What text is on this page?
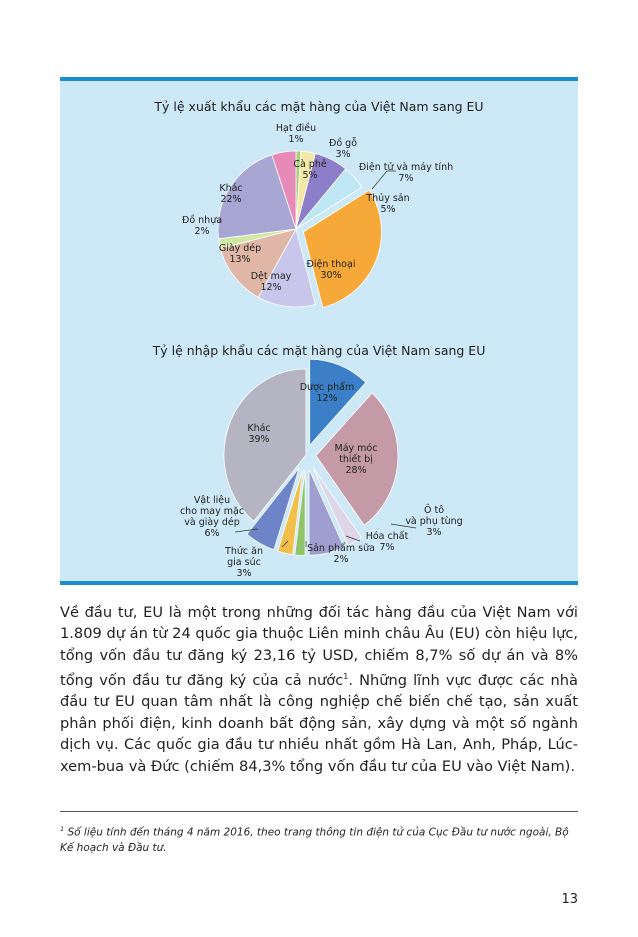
Tỷ lệ xuất khẩu các mặt hàng của Việt Nam sang EU
Hạt điều 1%	Đồ gỗ 3%
Điện tử và máy tính 7%
Thủy sản 5%
Điện thoại 30%
Dệt may 12%
Giày dép 13%
Đồ nhựa 2%
Khác 22%
Cà phê 5%
Tỷ lệ nhập khẩu các mặt hàng của Việt Nam sang EU
Dược phẩm 12%
Máy móc thiết bị 28%
Ô tô và phụ tùng 3%
Hóa chất 7%
Sản phẩm sữa 2%
Thức ăn gia súc 3%
Vật liệu cho may mặc và giày dép 6%
Khác 39%

Về đầu tư, EU là một trong những đối tác hàng đầu của Việt Nam với 1.809 dự án từ 24 quốc gia thuộc Liên minh châu Âu (EU) còn hiệu lực, tổng vốn đầu tư đăng ký 23,16 tỷ USD, chiếm 8,7% số dự án và 8% tổng vốn đầu tư đăng ký của cả nước$^1$. Những lĩnh vực được các nhà đầu tư EU quan tâm nhất là công nghiệp chế biến chế tạo, sản xuất phân phối điện, kinh doanh bất động sản, xây dựng và một số ngành dịch vụ. Các quốc gia đầu tư nhiều nhất gồm Hà Lan, Anh, Pháp, Lúc-xem-bua và Đức (chiếm 84,3% tổng vốn đầu tư của EU vào Việt Nam).

$^1$ Số liệu tính đến tháng 4 năm 2016, theo trang thông tin điện tử của Cục Đầu tư nước ngoài, Bộ Kế hoạch và Đầu tư.

13
